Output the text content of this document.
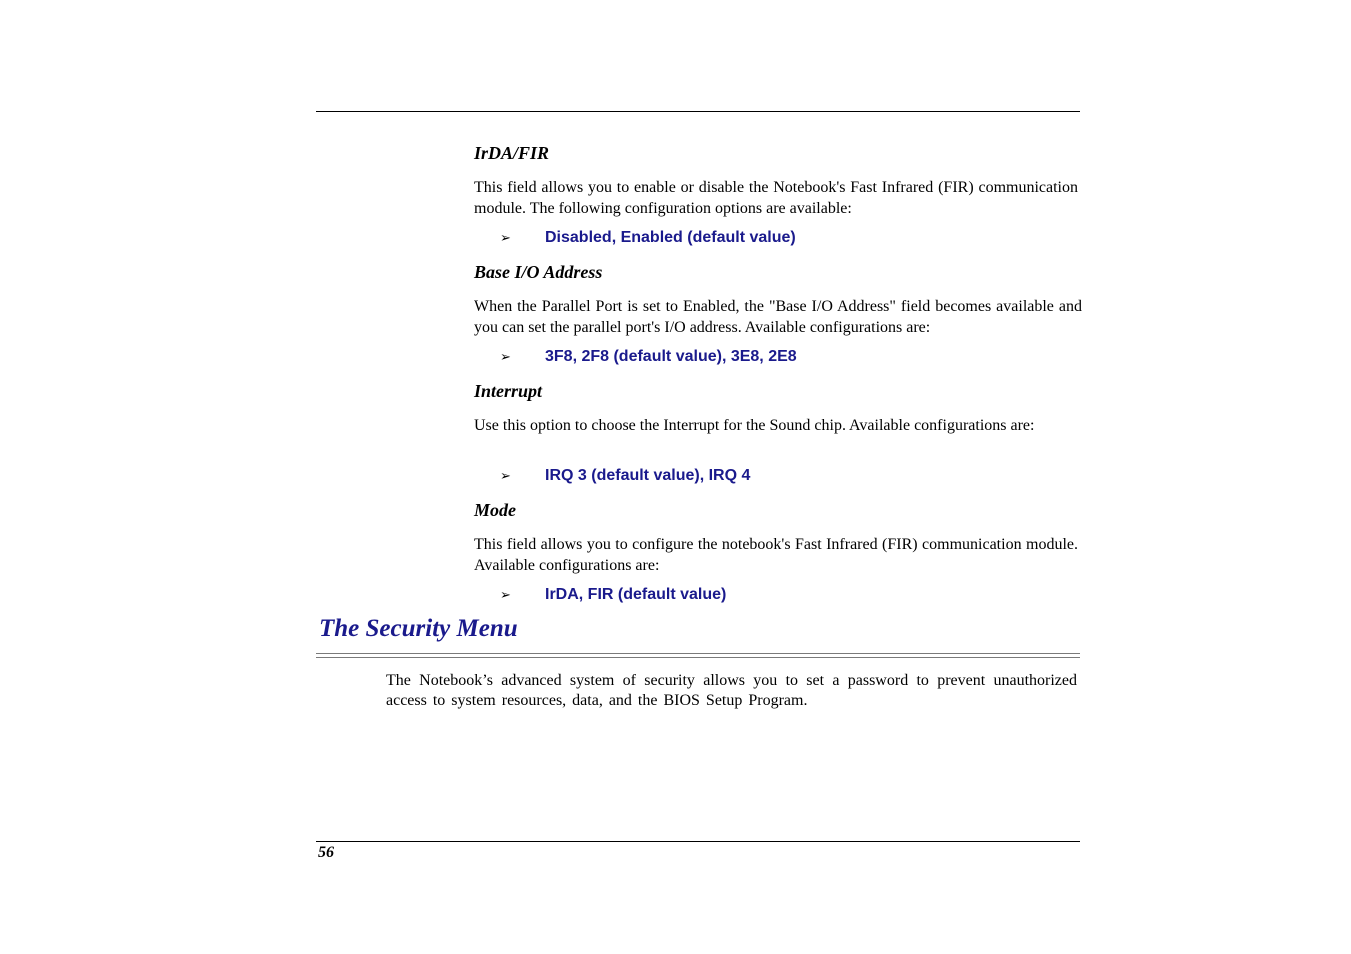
IrDA/FIR
This field allows you to enable or disable the Notebook's Fast Infrared (FIR) communication module. The following configuration options are available:
➢ Disabled, Enabled (default value)
Base I/O Address
When the Parallel Port is set to Enabled, the "Base I/O Address" field becomes available and you can set the parallel port's I/O address. Available configurations are:
➢ 3F8, 2F8 (default value), 3E8, 2E8
Interrupt
Use this option to choose the Interrupt for the Sound chip. Available configurations are:
➢ IRQ 3 (default value), IRQ 4
Mode
This field allows you to configure the notebook's Fast Infrared (FIR) communication module. Available configurations are:
➢ IrDA, FIR (default value)
The Security Menu
The Notebook’s advanced system of security allows you to set a password to prevent unauthorized access to system resources, data, and the BIOS Setup Program.
56
